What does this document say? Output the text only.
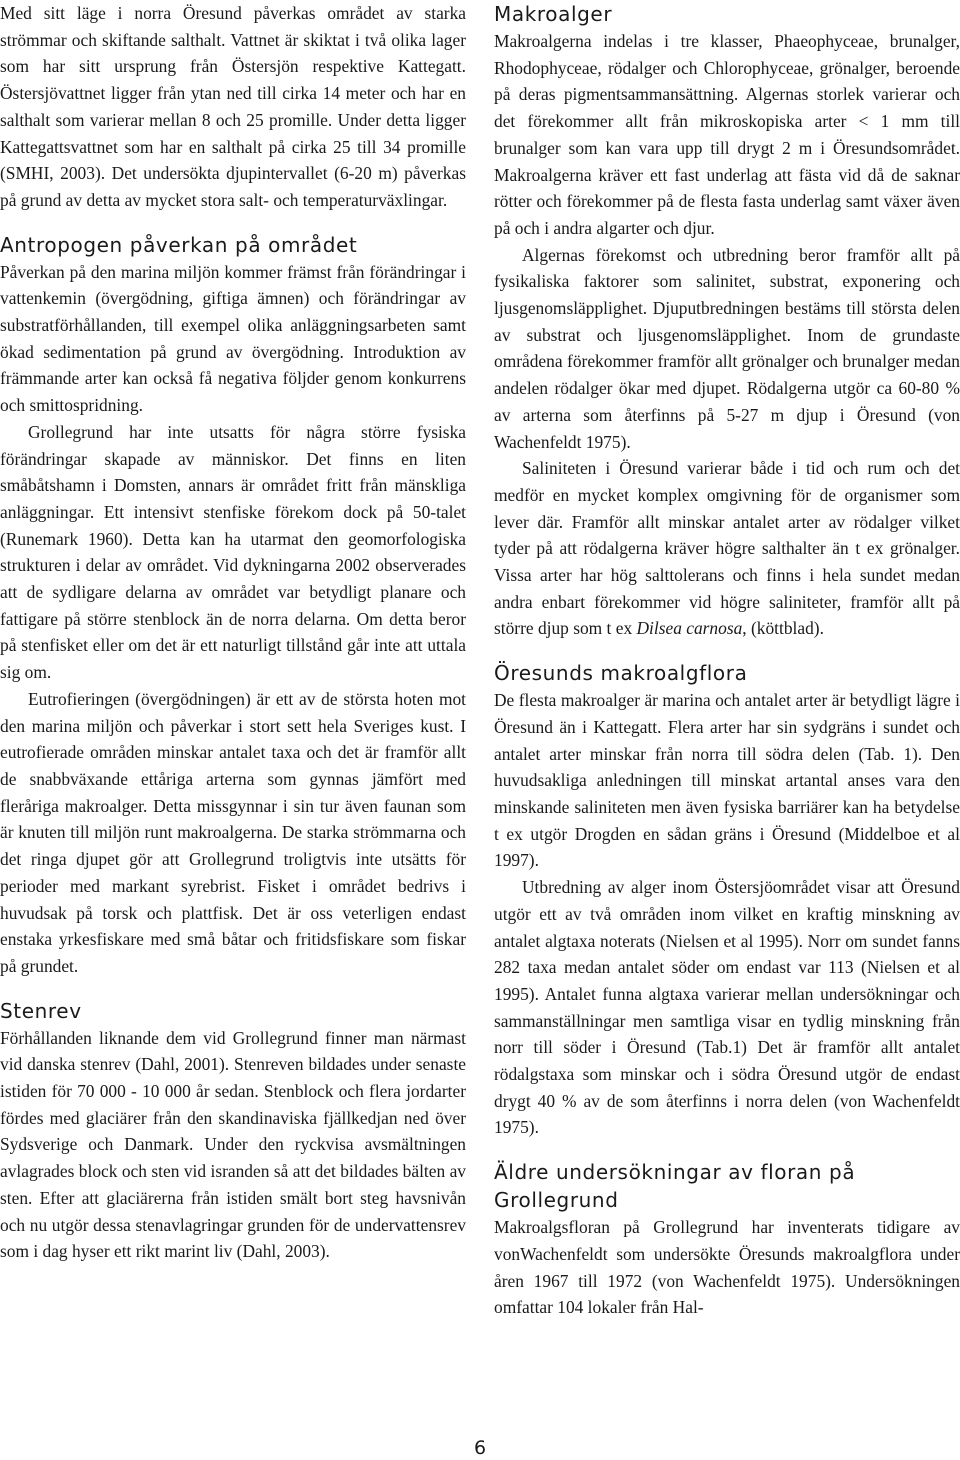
Med sitt läge i norra Öresund påverkas området av starka strömmar och skiftande salthalt. Vattnet är skiktat i två olika lager som har sitt ursprung från Östersjön respektive Kattegatt. Östersjövattnet ligger från ytan ned till cirka 14 meter och har en salthalt som varierar mellan 8 och 25 promille. Under detta ligger Kattegattsvattnet som har en salthalt på cirka 25 till 34 promille (SMHI, 2003). Det undersökta djupintervallet (6-20 m) påverkas på grund av detta av mycket stora salt- och temperaturväxlingar.

Antropogen påverkan på området

Påverkan på den marina miljön kommer främst från förändringar i vattenkemin (övergödning, giftiga ämnen) och förändringar av substratförhållanden, till exempel olika anläggningsarbeten samt ökad sedimentation på grund av övergödning. Introduktion av främmande arter kan också få negativa följder genom konkurrens och smittospridning.

Grollegrund har inte utsatts för några större fysiska förändringar skapade av människor. Det finns en liten småbåtshamn i Domsten, annars är området fritt från mänskliga anläggningar. Ett intensivt stenfiske förekom dock på 50-talet (Runemark 1960). Detta kan ha utarmat den geomorfologiska strukturen i delar av området. Vid dykningarna 2002 observerades att de sydligare delarna av området var betydligt planare och fattigare på större stenblock än de norra delarna. Om detta beror på stenfisket eller om det är ett naturligt tillstånd går inte att uttala sig om.

Eutrofieringen (övergödningen) är ett av de största hoten mot den marina miljön och påverkar i stort sett hela Sveriges kust. I eutrofierade områden minskar antalet taxa och det är framför allt de snabbväxande ettåriga arterna som gynnas jämfört med fleråriga makroalger. Detta missgynnar i sin tur även faunan som är knuten till miljön runt makroalgerna. De starka strömmarna och det ringa djupet gör att Grollegrund troligtvis inte utsätts för perioder med markant syrebrist. Fisket i området bedrivs i huvudsak på torsk och plattfisk. Det är oss veterligen endast enstaka yrkesfiskare med små båtar och fritidsfiskare som fiskar på grundet.

Stenrev

Förhållanden liknande dem vid Grollegrund finner man närmast vid danska stenrev (Dahl, 2001). Stenreven bildades under senaste istiden för 70 000 - 10 000 år sedan. Stenblock och flera jordarter fördes med glaciärer från den skandinaviska fjällkedjan ned över Sydsverige och Danmark. Under den ryckvisa avsmältningen avlagrades block och sten vid isranden så att det bildades bälten av sten. Efter att glaciärerna från istiden smält bort steg havsnivån och nu utgör dessa stenavlagringar grunden för de undervattensrev som i dag hyser ett rikt marint liv (Dahl, 2003).

Makroalger

Makroalgerna indelas i tre klasser, Phaeophyceae, brunalger, Rhodophyceae, rödalger och Chlorophyceae, grönalger, beroende på deras pigmentsammansättning. Algernas storlek varierar och det förekommer allt från mikroskopiska arter < 1 mm till brunalger som kan vara upp till drygt 2 m i Öresundsområdet. Makroalgerna kräver ett fast underlag att fästa vid då de saknar rötter och förekommer på de flesta fasta underlag samt växer även på och i andra algarter och djur.

Algernas förekomst och utbredning beror framför allt på fysikaliska faktorer som salinitet, substrat, exponering och ljusgenomsläpplighet. Djuputbredningen bestäms till största delen av substrat och ljusgenomsläpplighet. Inom de grundaste områdena förekommer framför allt grönalger och brunalger medan andelen rödalger ökar med djupet. Rödalgerna utgör ca 60-80 % av arterna som återfinns på 5-27 m djup i Öresund (von Wachenfeldt 1975).

Saliniteten i Öresund varierar både i tid och rum och det medför en mycket komplex omgivning för de organismer som lever där. Framför allt minskar antalet arter av rödalger vilket tyder på att rödalgerna kräver högre salthalter än t ex grönalger. Vissa arter har hög salttolerans och finns i hela sundet medan andra enbart förekommer vid högre saliniteter, framför allt på större djup som t ex Dilsea carnosa, (köttblad).

Öresunds makroalgflora

De flesta makroalger är marina och antalet arter är betydligt lägre i Öresund än i Kattegatt. Flera arter har sin sydgräns i sundet och antalet arter minskar från norra till södra delen (Tab. 1). Den huvudsakliga anledningen till minskat artantal anses vara den minskande saliniteten men även fysiska barriärer kan ha betydelse t ex utgör Drogden en sådan gräns i Öresund (Middelboe et al 1997).

Utbredning av alger inom Östersjöområdet visar att Öresund utgör ett av två områden inom vilket en kraftig minskning av antalet algtaxa noterats (Nielsen et al 1995). Norr om sundet fanns 282 taxa medan antalet söder om endast var 113 (Nielsen et al 1995). Antalet funna algtaxa varierar mellan undersökningar och sammanställningar men samtliga visar en tydlig minskning från norr till söder i Öresund (Tab.1) Det är framför allt antalet rödalgstaxa som minskar och i södra Öresund utgör de endast drygt 40 % av de som återfinns i norra delen (von Wachenfeldt 1975).

Äldre undersökningar av floran på Grollegrund

Makroalgsfloran på Grollegrund har inventerats tidigare av vonWachenfeldt som undersökte Öresunds makroalgflora under åren 1967 till 1972 (von Wachenfeldt 1975). Undersökningen omfattar 104 lokaler från Hal-

6
